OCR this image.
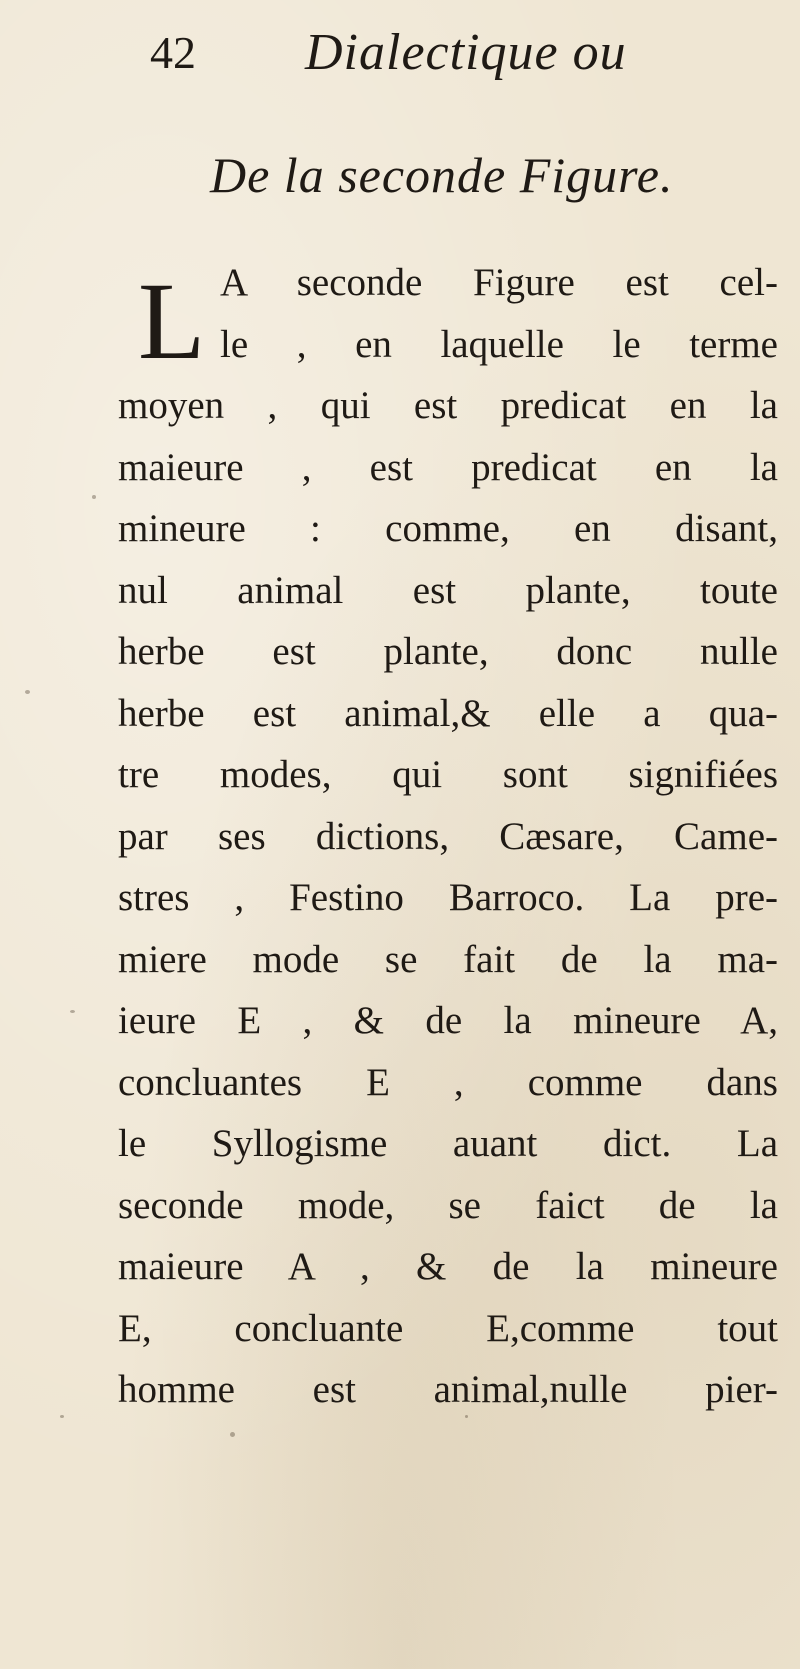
42 Dialectique ou
De la seconde Figure.
L A seconde Figure est cel-
le , en laquelle le terme
moyen , qui est predicat en la
maieure , est predicat en la
mineure : comme, en disant,
nul animal est plante, toute
herbe est plante, donc nulle
herbe est animal,& elle a qua-
tre modes, qui sont signifiées
par ses dictions, Cæsare, Came-
stres , Festino Barroco. La pre-
miere mode se fait de la ma-
ieure E , & de la mineure A,
concluantes E , comme dans
le Syllogisme auant dict. La
seconde mode, se faict de la
maieure A , & de la mineure
E, concluante E,comme tout
homme est animal,nulle pier-
